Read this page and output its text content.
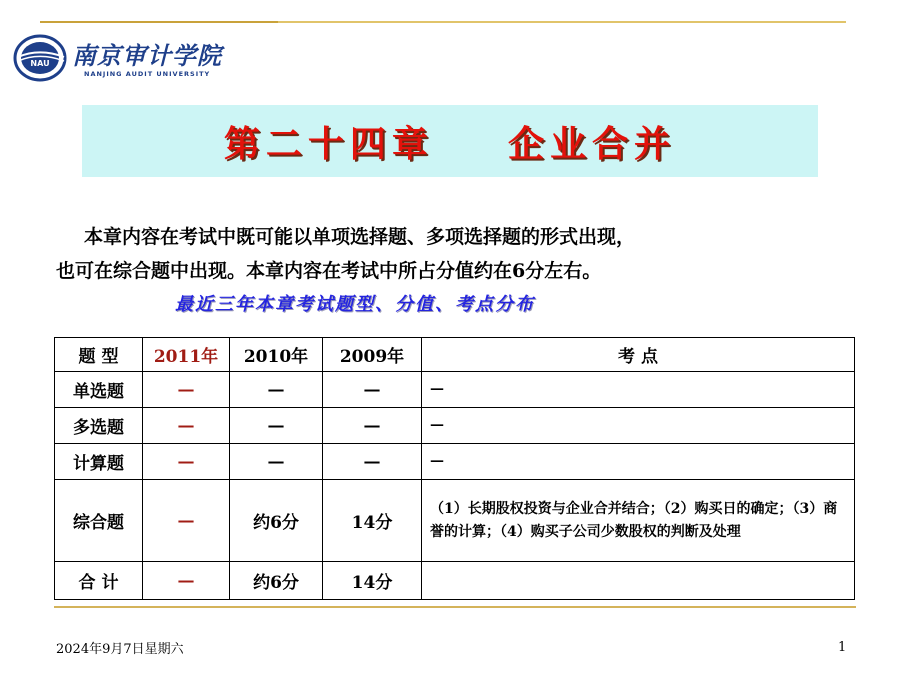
NAU 南京审计学院
NANJING AUDIT UNIVERSITY
第二十四章    企业合并

本章内容在考试中既可能以单项选择题、多项选择题的形式出现，

也可在综合题中出现。本章内容在考试中所占分值约在6分左右。

最近三年本章考试题型、分值、考点分布
题 型	2011年	2010年	2009年	考 点
单选题	—	—	—	—
多选题	—	—	—	—
计算题	—	—	—	—
综合题	—	约6分	14分	（1）长期股权投资与企业合并结合；（2）购买日的确定；（3）商誉的计算；（4）购买子公司少数股权的判断及处理
合 计	—	约6分	14分	
2024年9月7日星期六	1
